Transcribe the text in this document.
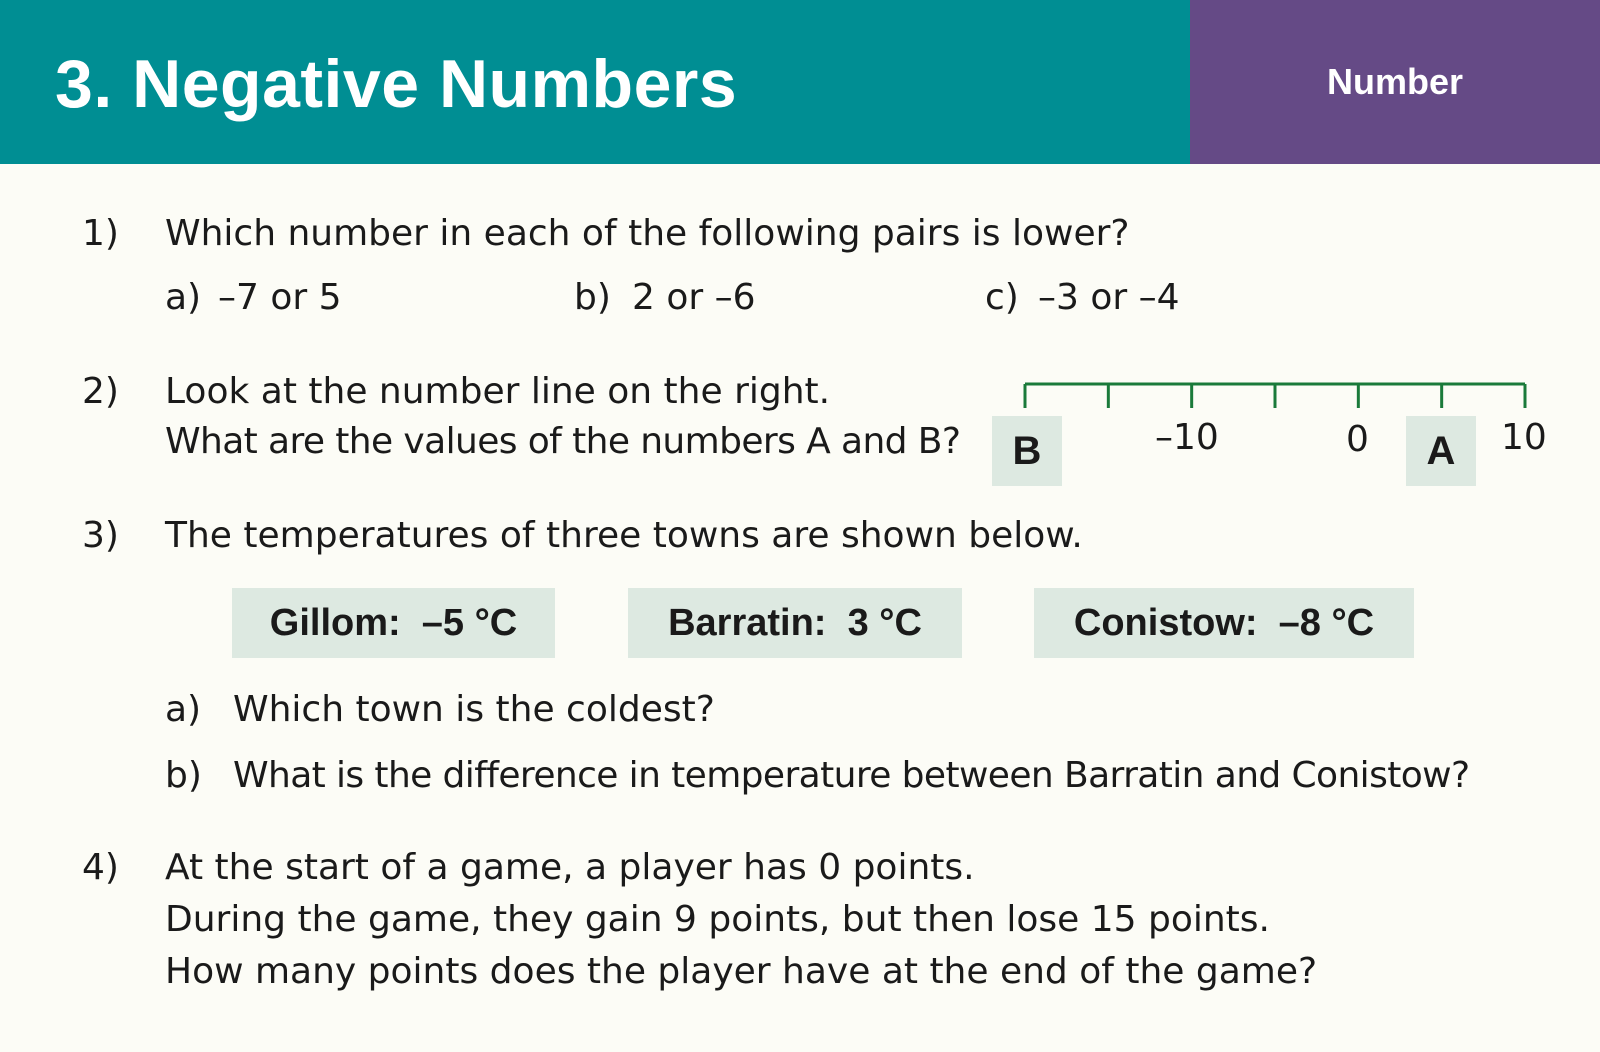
3. Negative Numbers	Number
1) Which number in each of the following pairs is lower?
a) –7 or 5	b) 2 or –6	c) –3 or –4
2) Look at the number line on the right.
What are the values of the numbers A and B?	B	A
–10	0	10
3) The temperatures of three towns are shown below.
Gillom:  –5 °C	Barratin:  3 °C	Conistow:  –8 °C
a) Which town is the coldest?
b) What is the difference in temperature between Barratin and Conistow?
4) At the start of a game, a player has 0 points.
During the game, they gain 9 points, but then lose 15 points.
How many points does the player have at the end of the game?
